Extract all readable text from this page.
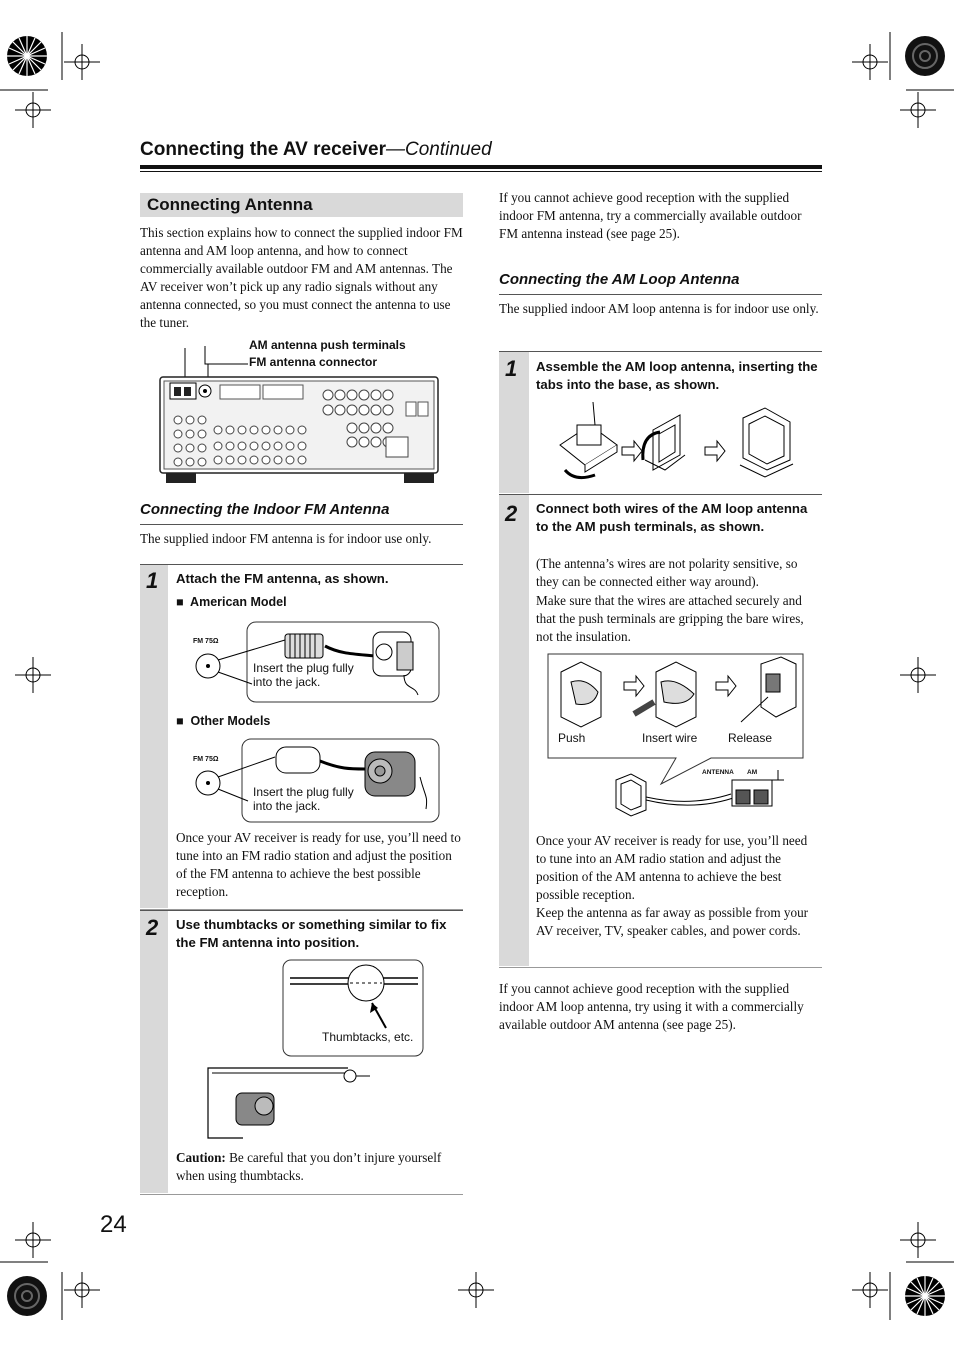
Connecting the AV receiver—Continued
Connecting Antenna
This section explains how to connect the supplied indoor FM antenna and AM loop antenna, and how to connect commercially available outdoor FM and AM antennas. The AV receiver won’t pick up any radio signals without any antenna connected, so you must connect the antenna to use the tuner.
AM antenna push terminals
FM antenna connector
Connecting the Indoor FM Antenna
The supplied indoor FM antenna is for indoor use only.
1 Attach the FM antenna, as shown.
■ American Model
FM 75Ω
Insert the plug fully into the jack.
■ Other Models
FM 75Ω
Insert the plug fully into the jack.
Once your AV receiver is ready for use, you’ll need to tune into an FM radio station and adjust the position of the FM antenna to achieve the best possible reception.
2 Use thumbtacks or something similar to fix the FM antenna into position.
Thumbtacks, etc.
Caution: Be careful that you don’t injure yourself when using thumbtacks.
If you cannot achieve good reception with the supplied indoor FM antenna, try a commercially available outdoor FM antenna instead (see page 25).
Connecting the AM Loop Antenna
The supplied indoor AM loop antenna is for indoor use only.
1 Assemble the AM loop antenna, inserting the tabs into the base, as shown.
2 Connect both wires of the AM loop antenna to the AM push terminals, as shown.
(The antenna’s wires are not polarity sensitive, so they can be connected either way around).
Make sure that the wires are attached securely and that the push terminals are gripping the bare wires, not the insulation.
Push	Insert wire	Release
ANTENNA AM
Once your AV receiver is ready for use, you’ll need to tune into an AM radio station and adjust the position of the AM antenna to achieve the best possible reception.
Keep the antenna as far away as possible from your AV receiver, TV, speaker cables, and power cords.
If you cannot achieve good reception with the supplied indoor AM loop antenna, try using it with a commercially available outdoor AM antenna (see page 25).
24
